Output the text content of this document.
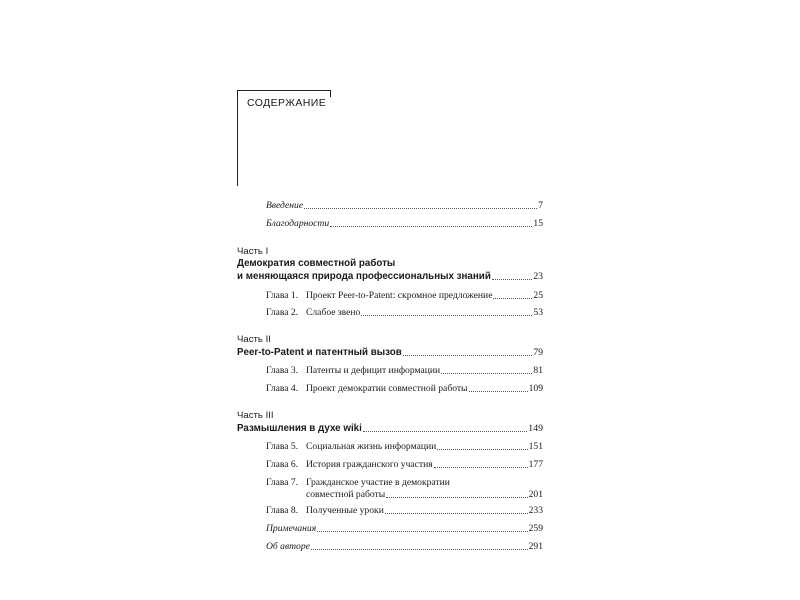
СОДЕРЖАНИЕ
Введение	7
Благодарности	15
Часть I
Демократия совместной работы
и меняющаяся природа профессиональных знаний	23
Глава 1. Проект Peer-to-Patent: скромное предложение	25
Глава 2. Слабое звено	53
Часть II
Peer-to-Patent и патентный вызов	79
Глава 3. Патенты и дефицит информации	81
Глава 4. Проект демократии совместной работы	109
Часть III
Размышления в духе wiki	149
Глава 5. Социальная жизнь информации	151
Глава 6. История гражданского участия	177
Глава 7. Гражданское участие в демократии
совместной работы	201
Глава 8. Полученные уроки	233
Примечания	259
Об авторе	291
